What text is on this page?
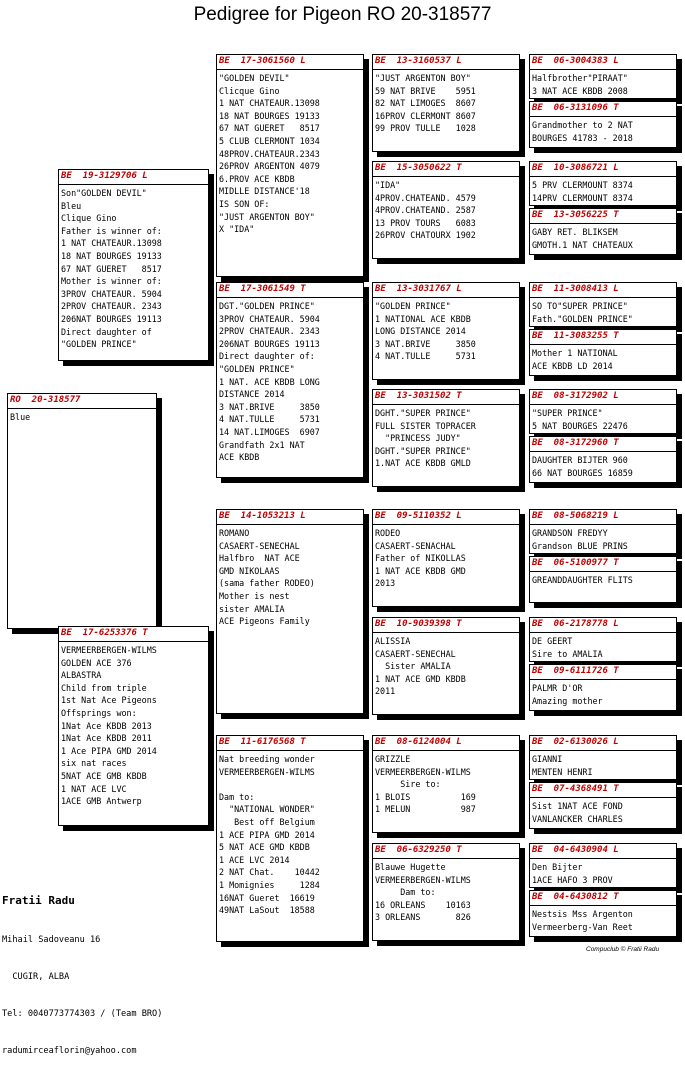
Pedigree for Pigeon RO 20-318577
RO  20-318577
Blue
BE  19-3129706 L
Son"GOLDEN DEVIL"
Bleu
Clique Gino
Father is winner of:
1 NAT CHATEAUR.13098
18 NAT BOURGES 19133
67 NAT GUERET   8517
Mother is winner of:
3PROV CHATEAUR. 5904
2PROV CHATEAUR. 2343
206NAT BOURGES 19113
Direct daughter of
"GOLDEN PRINCE"
BE  17-6253376 T
VERMEERBERGEN-WILMS
GOLDEN ACE 376
ALBASTRA
Child from triple
1st Nat Ace Pigeons
Offsprings won:
1Nat Ace KBDB 2013
1Nat Ace KBDB 2011
1 Ace PIPA GMD 2014
six nat races
5NAT ACE GMB KBDB
1 NAT ACE LVC
1ACE GMB Antwerp
BE  17-3061560 L
"GOLDEN DEVIL"
Clicque Gino
1 NAT CHATEAUR.13098
18 NAT BOURGES 19133
67 NAT GUERET   8517
5 CLUB CLERMONT 1034
48PROV.CHATEAUR.2343
26PROV ARGENTON 4079
6.PROV ACE KBDB
MIDLLE DISTANCE'18
IS SON OF:
"JUST ARGENTON BOY"
X "IDA"
BE  17-3061549 T
DGT."GOLDEN PRINCE"
3PROV CHATEAUR. 5904
2PROV CHATEAUR. 2343
206NAT BOURGES 19113
Direct daughter of:
"GOLDEN PRINCE"
1 NAT. ACE KBDB LONG
DISTANCE 2014
3 NAT.BRIVE     3850
4 NAT.TULLE     5731
14 NAT.LIMOGES  6907
Grandfath 2x1 NAT
ACE KBDB
BE  14-1053213 L
ROMANO
CASAERT-SENECHAL
Halfbro  NAT ACE
GMD NIKOLAAS
(sama father RODEO)
Mother is nest
sister AMALIA
ACE Pigeons Family
BE  11-6176568 T
Nat breeding wonder
VERMEERBERGEN-WILMS

Dam to:
"NATIONAL WONDER"
Best off Belgium
1 ACE PIPA GMD 2014
5 NAT ACE GMD KBDB
1 ACE LVC 2014
2 NAT Chat.    10442
1 Momignies     1284
16NAT Gueret  16619
49NAT LaSout  18588
BE  13-3160537 L
"JUST ARGENTON BOY"
59 NAT BRIVE    5951
82 NAT LIMOGES  8607
16PROV CLERMONT 8607
99 PROV TULLE   1028
BE  15-3050622 T
"IDA"
4PROV.CHATEAND. 4579
4PROV.CHATEAND. 2587
13 PROV TOURS   6083
26PROV CHATOURX 1902
BE  13-3031767 L
"GOLDEN PRINCE"
1 NATIONAL ACE KBDB
LONG DISTANCE 2014
3 NAT.BRIVE     3850
4 NAT.TULLE     5731
BE  13-3031502 T
DGHT."SUPER PRINCE"
FULL SISTER TOPRACER
"PRINCESS JUDY"
DGHT."SUPER PRINCE"
1.NAT ACE KBDB GMLD
BE  09-5110352 L
RODEO
CASAERT-SENACHAL
Father of NIKOLLAS
1 NAT ACE KBDB GMD
2013
BE  10-9039398 T
ALISSIA
CASAERT-SENECHAL
Sister AMALIA
1 NAT ACE GMD KBDB
2011
BE  08-6124004 L
GRIZZLE
VERMEERBERGEN-WILMS
Sire to:
1 BLOIS          169
1 MELUN          987
BE  06-6329250 T
Blauwe Hugette
VERMEERBERGEN-WILMS
Dam to:
16 ORLEANS    10163
3 ORLEANS       826
BE  06-3004383 L
Halfbrother"PIRAAT"
3 NAT ACE KBDB 2008
BE  06-3131096 T
Grandmother to 2 NAT
BOURGES 41783 - 2018
BE  10-3086721 L
5 PRV CLERMOUNT 8374
14PRV CLERMOUNT 8374
BE  13-3056225 T
GABY RET. BLIKSEM
GMOTH.1 NAT CHATEAUX
BE  11-3008413 L
SO TO"SUPER PRINCE"
Fath."GOLDEN PRINCE"
BE  11-3083255 T
Mother 1 NATIONAL
ACE KBDB LD 2014
BE  08-3172902 L
"SUPER PRINCE"
5 NAT BOURGES 22476
BE  08-3172960 T
DAUGHTER BIJTER 960
66 NAT BOURGES 16859
BE  08-5068219 L
GRANDSON FREDYY
Grandson BLUE PRINS
BE  06-5100977 T
GREANDDAUGHTER FLITS
BE  06-2178778 L
DE GEERT
Sire to AMALIA
BE  09-6111726 T
PALMR D'OR
Amazing mother
BE  02-6130026 L
GIANNI
MENTEN HENRI
BE  07-4368491 T
Sist 1NAT ACE FOND
VANLANCKER CHARLES
BE  04-6430904 L
Den Bijter
1ACE HAFO 3 PROV
BE  04-6430812 T
Nestsis Mss Argenton
Vermeerberg-Van Reet

Fratii Radu

Mihail Sadoveanu 16

CUGIR, ALBA

Tel: 0040773774303 / (Team BRO)

radumirceaflorin@yahoo.com

Compuclub © Fratii Radu
